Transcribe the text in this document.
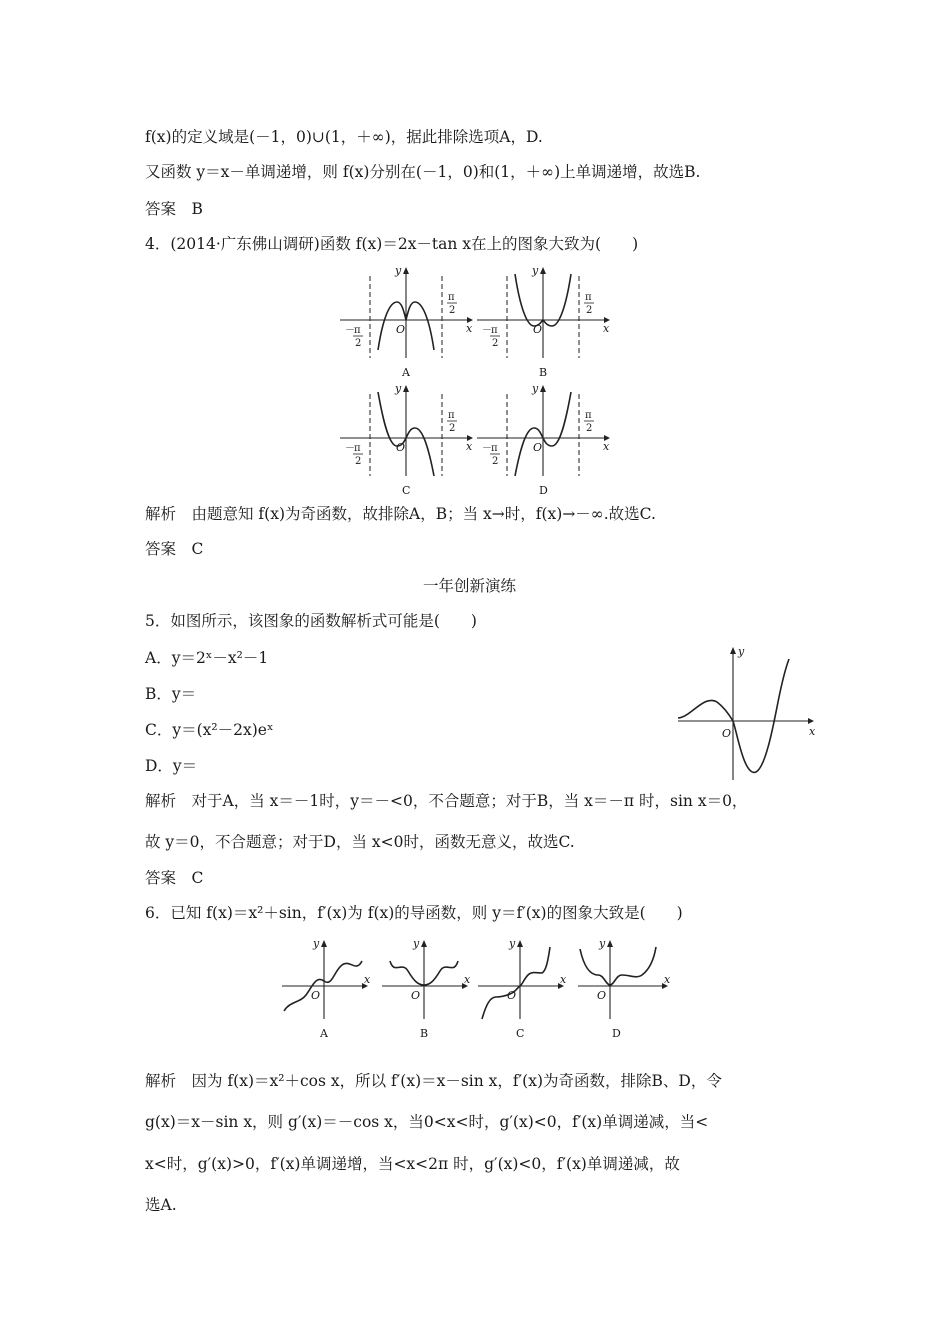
f(x)的定义域是(－1，0)∪(1，＋∞)，据此排除选项A，D.
又函数 y＝x－单调递增，则 f(x)分别在(－1，0)和(1，＋∞)上单调递增，故选B.
答案　B
4．(2014·广东佛山调研)函数 f(x)＝2x－tan x在上的图象大致为(　　)
y
x
O
－ π
2
π
2
A
y
x
O
－ π
2
π
2
B
y
x
O
－ π
2
π
2
C
y
x
O
－ π
2
π
2
D
解析　由题意知 f(x)为奇函数，故排除A，B；当 x→时，f(x)→－∞.故选C.
答案　C
一年创新演练
5．如图所示，该图象的函数解析式可能是(　　)
A．y＝2ˣ－x²－1
B．y＝
C．y＝(x²－2x)eˣ
D．y＝
y
x
O
解析　对于A，当 x＝－1时，y＝－<0，不合题意；对于B，当 x＝－π 时，sin x＝0，
故 y＝0，不合题意；对于D，当 x<0时，函数无意义，故选C.
答案　C
6．已知 f(x)＝x²＋sin，f′(x)为 f(x)的导函数，则 y＝f′(x)的图象大致是(　　)
y
x
O
A
y
x
O
B
y
x
O
C
y
x
O
D
解析　因为 f(x)＝x²＋cos x，所以 f′(x)＝x－sin x，f′(x)为奇函数，排除B、D，令
g(x)＝x－sin x，则 g′(x)＝－cos x，当0<x<时，g′(x)<0，f′(x)单调递减，当<
x<时，g′(x)>0，f′(x)单调递增，当<x<2π 时，g′(x)<0，f′(x)单调递减，故
选A.
